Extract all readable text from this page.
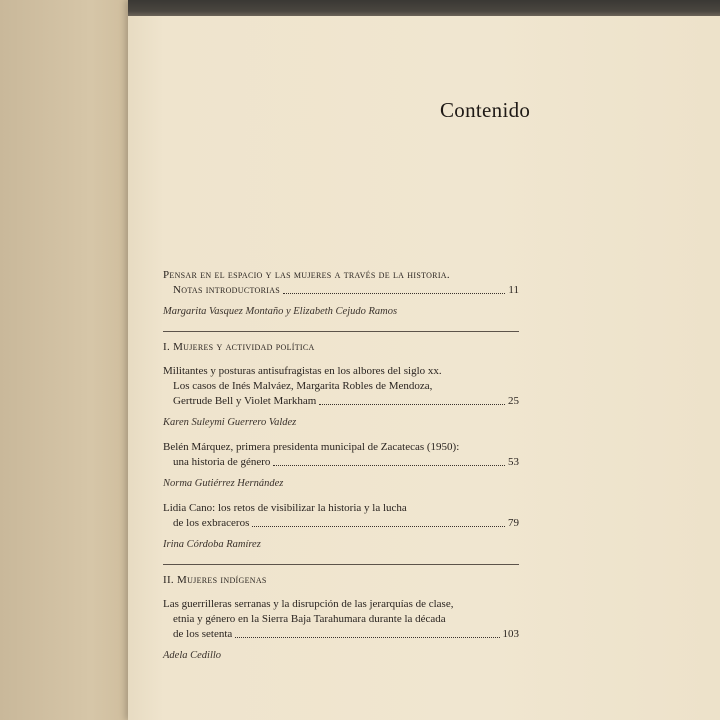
Contenido
Pensar en el espacio y las mujeres a través de la historia.
Notas introductorias	11
Margarita Vasquez Montaño y Elizabeth Cejudo Ramos
I. Mujeres y actividad política
Militantes y posturas antisufragistas en los albores del siglo xx.
Los casos de Inés Malváez, Margarita Robles de Mendoza,
Gertrude Bell y Violet Markham	25
Karen Suleymi Guerrero Valdez
Belén Márquez, primera presidenta municipal de Zacatecas (1950):
una historia de género	53
Norma Gutiérrez Hernández
Lidia Cano: los retos de visibilizar la historia y la lucha
de los exbraceros	79
Irina Córdoba Ramírez
II. Mujeres indígenas
Las guerrilleras serranas y la disrupción de las jerarquías de clase,
etnia y género en la Sierra Baja Tarahumara durante la década
de los setenta	103
Adela Cedillo
